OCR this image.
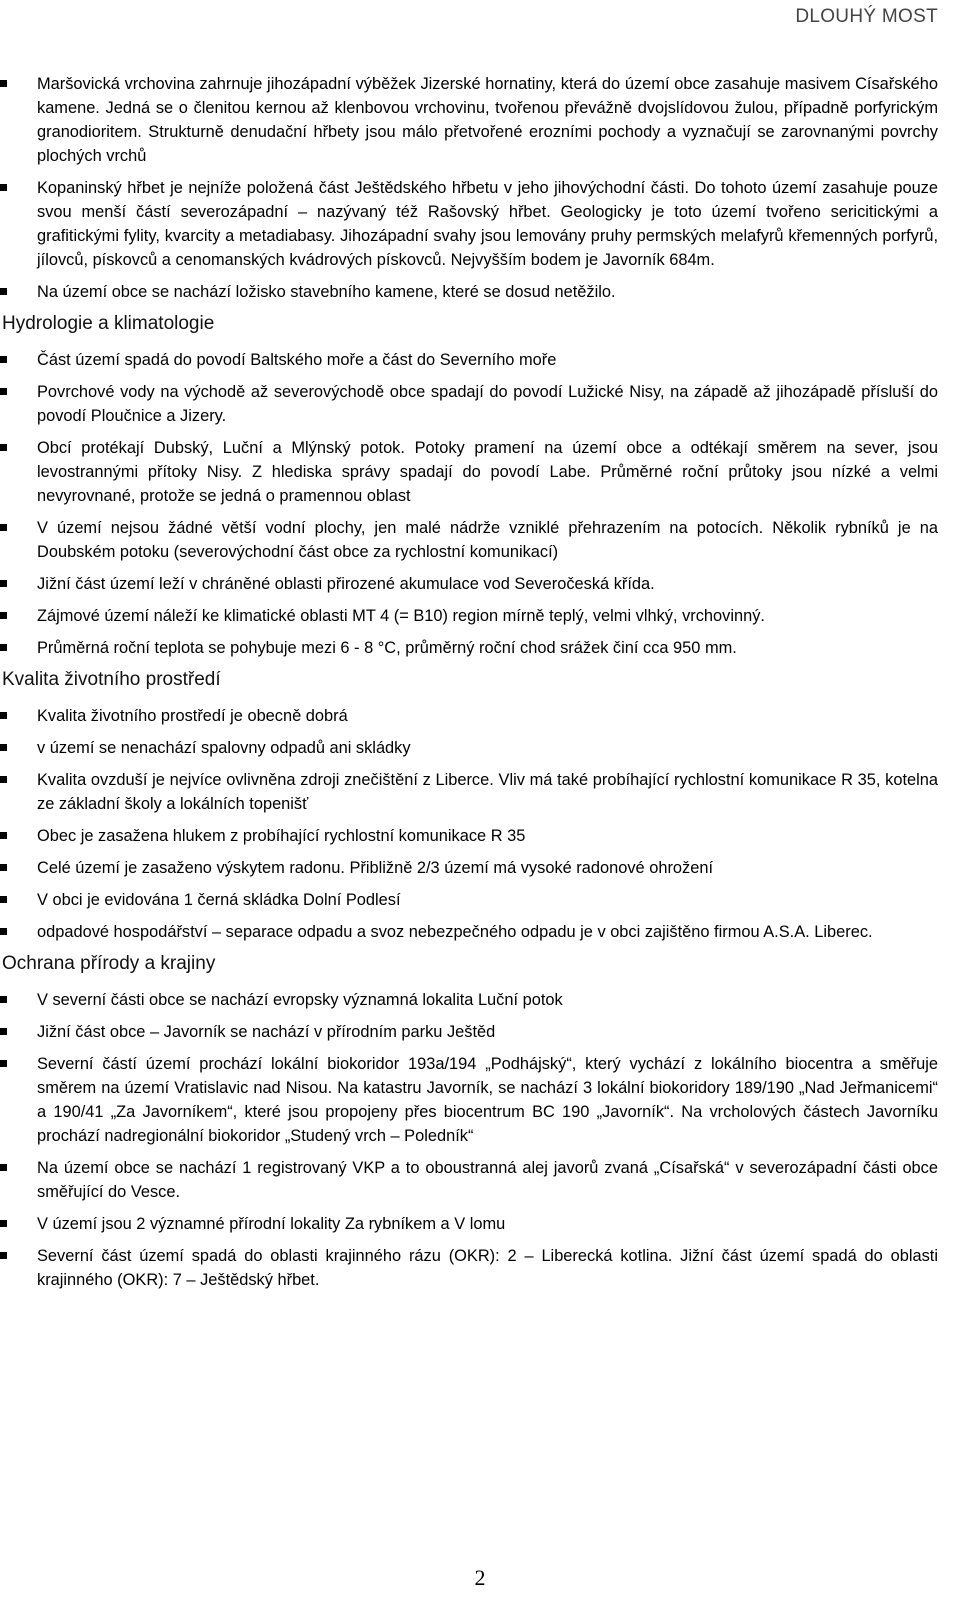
DLOUHÝ MOST
Maršovická vrchovina zahrnuje jihozápadní výběžek Jizerské hornatiny, která do území obce zasahuje masivem Císařského kamene. Jedná se o členitou kernou až klenbovou vrchovinu, tvořenou převážně dvojslídovou žulou, případně porfyrickým granodioritem. Strukturně denudační hřbety jsou málo přetvořené erozními pochody a vyznačují se zarovnanými povrchy plochých vrchů
Kopaninský hřbet je nejníže položená část Ještědského hřbetu v jeho jihovýchodní části. Do tohoto území zasahuje pouze svou menší částí severozápadní – nazývaný též Rašovský hřbet. Geologicky je toto území tvořeno sericitickými a grafitickými fylity, kvarcity a metadiabasy. Jihozápadní svahy jsou lemovány pruhy permských melafyrů křemenných porfyrů, jílovců, pískovců a cenomanských kvádrových pískovců. Nejvyšším bodem je Javorník 684m.
Na území obce se nachází ložisko stavebního kamene, které se dosud netěžilo.
Hydrologie a klimatologie
Část území spadá do povodí Baltského moře a část do Severního moře
Povrchové vody na východě až severovýchodě obce spadají do povodí Lužické Nisy, na západě až jihozápadě přísluší do povodí Ploučnice a Jizery.
Obcí protékají Dubský, Luční a Mlýnský potok. Potoky pramení na území obce a odtékají směrem na sever, jsou levostrannými přítoky Nisy. Z hlediska správy spadají do povodí Labe. Průměrné roční průtoky jsou nízké a velmi nevyrovnané, protože se jedná o pramennou oblast
V území nejsou žádné větší vodní plochy, jen malé nádrže vzniklé přehrazením na potocích. Několik rybníků je na Doubském potoku (severovýchodní část obce za rychlostní komunikací)
Jižní část území leží v chráněné oblasti přirozené akumulace vod Severočeská křída.
Zájmové území náleží ke klimatické oblasti MT 4 (= B10) region mírně teplý, velmi vlhký, vrchovinný.
Průměrná roční teplota se pohybuje mezi 6 - 8 °C, průměrný roční chod srážek činí cca 950 mm.
Kvalita životního prostředí
Kvalita životního prostředí je obecně dobrá
v území se nenachází spalovny odpadů ani skládky
Kvalita ovzduší je nejvíce ovlivněna zdroji znečištění z Liberce. Vliv má také probíhající rychlostní komunikace R 35, kotelna ze základní školy a lokálních topenišť
Obec je zasažena hlukem z probíhající rychlostní komunikace R 35
Celé území je zasaženo výskytem radonu. Přibližně 2/3 území má vysoké radonové ohrožení
V obci je evidována 1 černá skládka Dolní Podlesí
odpadové hospodářství – separace odpadu a svoz nebezpečného odpadu je v obci zajištěno firmou A.S.A. Liberec.
Ochrana přírody a krajiny
V severní části obce se nachází evropsky významná lokalita Luční potok
Jižní část obce – Javorník se nachází v přírodním parku Ještěd
Severní částí území prochází lokální biokoridor 193a/194 „Podhájský“, který vychází z lokálního biocentra a směřuje směrem na území Vratislavic nad Nisou. Na katastru Javorník, se nachází 3 lokální biokoridory 189/190 „Nad Jeřmanicemi“ a 190/41 „Za Javorníkem“, které jsou propojeny přes biocentrum BC 190 „Javorník“. Na vrcholových částech Javorníku prochází nadregionální biokoridor „Studený vrch – Poledník“
Na území obce se nachází 1 registrovaný VKP a to oboustranná alej javorů zvaná „Císařská“ v severozápadní části obce směřující do Vesce.
V území jsou 2 významné přírodní lokality Za rybníkem a V lomu
Severní část území spadá do oblasti krajinného rázu (OKR): 2 – Liberecká kotlina. Jižní část území spadá do oblasti krajinného (OKR): 7 – Ještědský hřbet.
2
